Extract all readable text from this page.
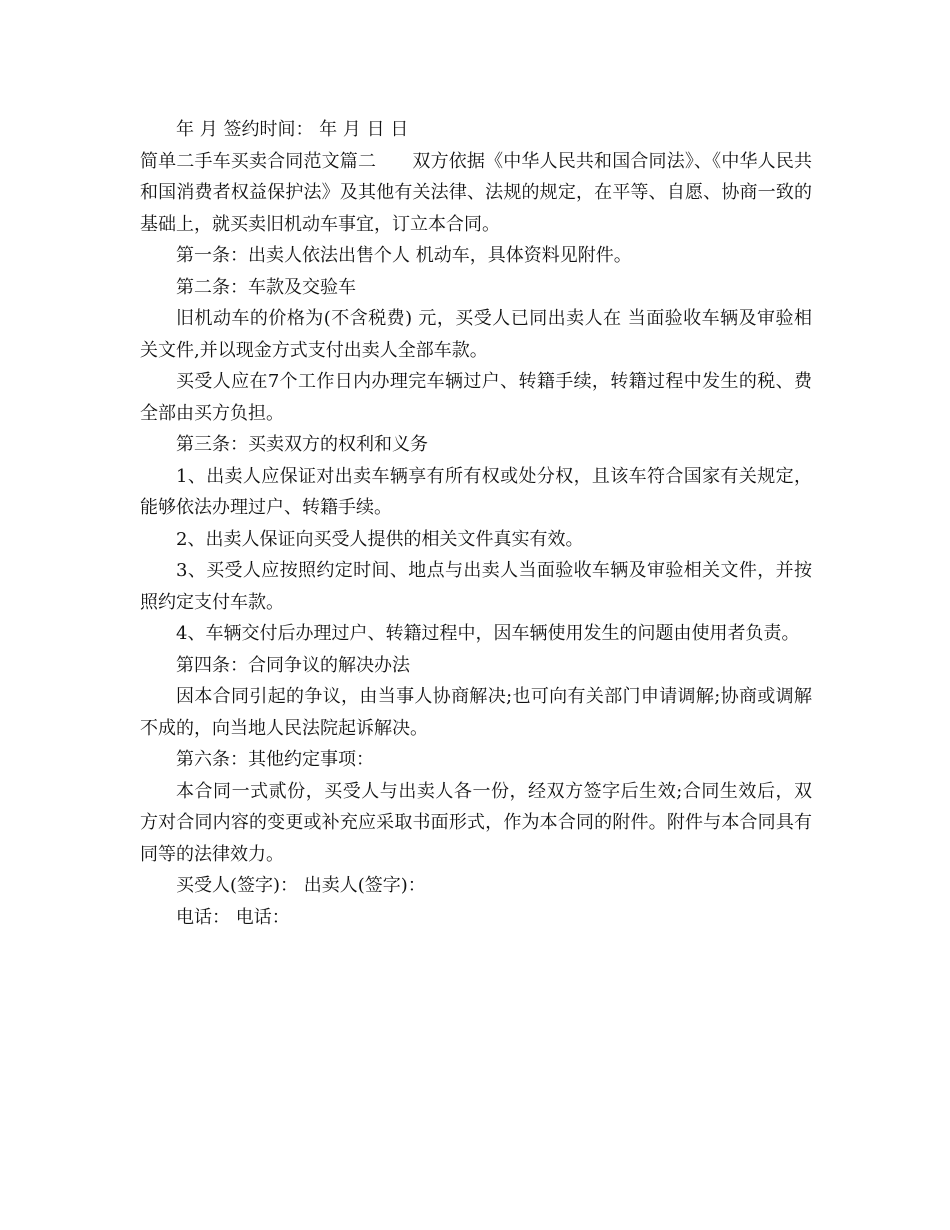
年 月 签约时间： 年 月 日 日

简单二手车买卖合同范文篇二　　双方依据《中华人民共和国合同法》、《中华人民共和国消费者权益保护法》及其他有关法律、法规的规定，在平等、自愿、协商一致的基础上，就买卖旧机动车事宜，订立本合同。

第一条：出卖人依法出售个人 机动车，具体资料见附件。

第二条：车款及交验车

旧机动车的价格为(不含税费) 元，买受人已同出卖人在 当面验收车辆及审验相关文件,并以现金方式支付出卖人全部车款。

买受人应在7个工作日内办理完车辆过户、转籍手续，转籍过程中发生的税、费全部由买方负担。

第三条：买卖双方的权利和义务

1、出卖人应保证对出卖车辆享有所有权或处分权，且该车符合国家有关规定，能够依法办理过户、转籍手续。

2、出卖人保证向买受人提供的相关文件真实有效。

3、买受人应按照约定时间、地点与出卖人当面验收车辆及审验相关文件，并按照约定支付车款。

4、车辆交付后办理过户、转籍过程中，因车辆使用发生的问题由使用者负责。

第四条：合同争议的解决办法

因本合同引起的争议，由当事人协商解决;也可向有关部门申请调解;协商或调解不成的，向当地人民法院起诉解决。

第六条：其他约定事项：

本合同一式贰份，买受人与出卖人各一份，经双方签字后生效;合同生效后，双方对合同内容的变更或补充应采取书面形式，作为本合同的附件。附件与本合同具有同等的法律效力。

买受人(签字)： 出卖人(签字)：

电话： 电话：
